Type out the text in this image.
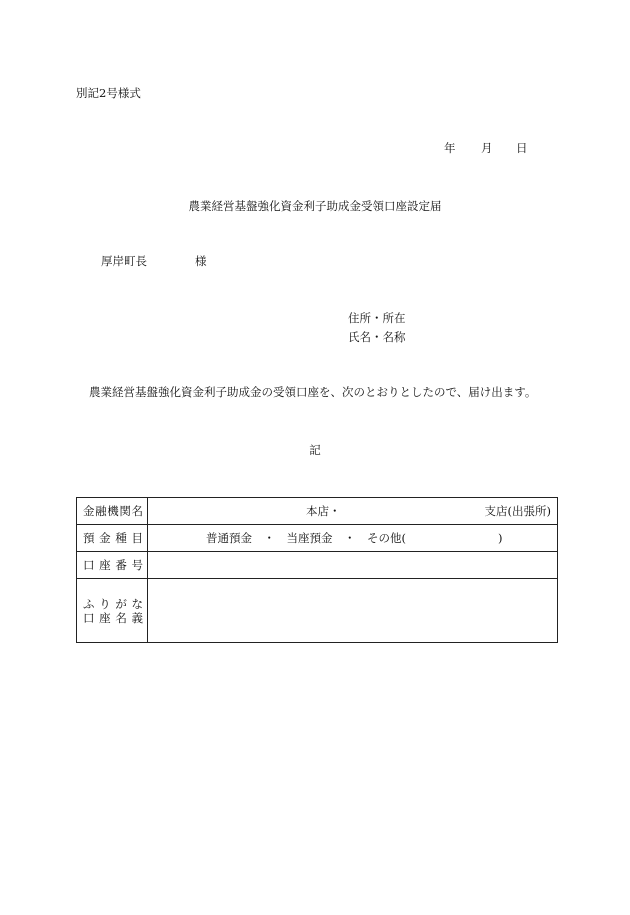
別記2号様式
年 月 日
農業経営基盤強化資金利子助成金受領口座設定届
厚岸町長	様
住所・所在
氏名・名称
農業経営基盤強化資金利子助成金の受領口座を、次のとおりとしたので、届け出ます。
記
金融機関名	本店・ 支店(出張所)

預金種目	普通預金　・　当座預金　・　その他(　　　　　　　　)

口座番号	

ふりがな
口座名義	
